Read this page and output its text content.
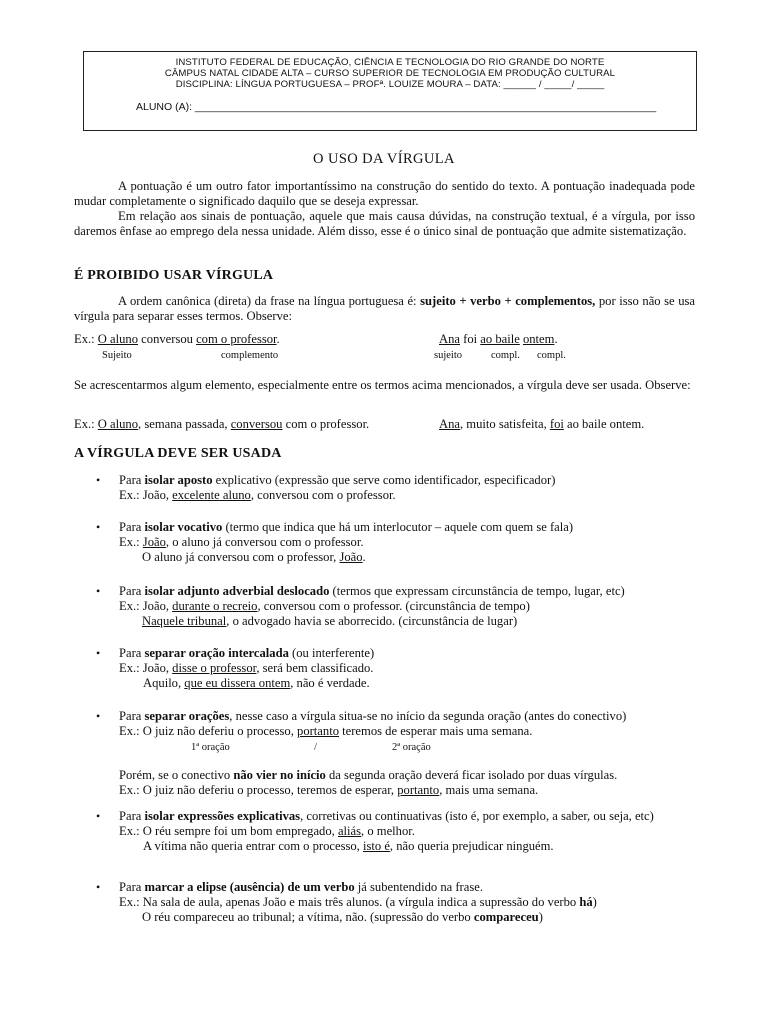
INSTITUTO FEDERAL DE EDUCAÇÃO, CIÊNCIA E TECNOLOGIA DO RIO GRANDE DO NORTE
CÂMPUS NATAL CIDADE ALTA – CURSO SUPERIOR DE TECNOLOGIA EM PRODUÇÃO CULTURAL
DISCIPLINA: LÍNGUA PORTUGUESA – PROFª. LOUIZE MOURA – DATA: ______ / _____/ _____
ALUNO (A): _______________________________________________________________________________
O USO DA VÍRGULA
A pontuação é um outro fator importantíssimo na construção do sentido do texto. A pontuação inadequada pode mudar completamente o significado daquilo que se deseja expressar.
Em relação aos sinais de pontuação, aquele que mais causa dúvidas, na construção textual, é a vírgula, por isso daremos ênfase ao emprego dela nessa unidade. Além disso, esse é o único sinal de pontuação que admite sistematização.
É PROIBIDO USAR VÍRGULA
A ordem canônica (direta) da frase na língua portuguesa é: sujeito + verbo + complementos, por isso não se usa vírgula para separar esses termos. Observe:
Ex.: O aluno conversou com o professor.	Ana foi ao baile ontem.
Sujeito	complemento	sujeito	compl. compl.
Se acrescentarmos algum elemento, especialmente entre os termos acima mencionados, a vírgula deve ser usada. Observe:
Ex.: O aluno, semana passada, conversou com o professor.	Ana, muito satisfeita, foi ao baile ontem.
A VÍRGULA DEVE SER USADA
• Para isolar aposto explicativo (expressão que serve como identificador, especificador)
Ex.: João, excelente aluno, conversou com o professor.
• Para isolar vocativo (termo que indica que há um interlocutor – aquele com quem se fala)
Ex.: João, o aluno já conversou com o professor.
O aluno já conversou com o professor, João.
• Para isolar adjunto adverbial deslocado (termos que expressam circunstância de tempo, lugar, etc)
Ex.: João, durante o recreio, conversou com o professor. (circunstância de tempo)
Naquele tribunal, o advogado havia se aborrecido. (circunstância de lugar)
• Para separar oração intercalada (ou interferente)
Ex.: João, disse o professor, será bem classificado.
Aquilo, que eu dissera ontem, não é verdade.
• Para separar orações, nesse caso a vírgula situa-se no início da segunda oração (antes do conectivo)
Ex.: O juiz não deferiu o processo, portanto teremos de esperar mais uma semana.
1ª oração	/	2ª oração
Porém, se o conectivo não vier no início da segunda oração deverá ficar isolado por duas vírgulas.
Ex.: O juiz não deferiu o processo, teremos de esperar, portanto, mais uma semana.
• Para isolar expressões explicativas, corretivas ou continuativas (isto é, por exemplo, a saber, ou seja, etc)
Ex.: O réu sempre foi um bom empregado, aliás, o melhor.
A vítima não queria entrar com o processo, isto é, não queria prejudicar ninguém.
• Para marcar a elipse (ausência) de um verbo já subentendido na frase.
Ex.: Na sala de aula, apenas João e mais três alunos. (a vírgula indica a supressão do verbo há)
O réu compareceu ao tribunal; a vítima, não. (supressão do verbo compareceu)
